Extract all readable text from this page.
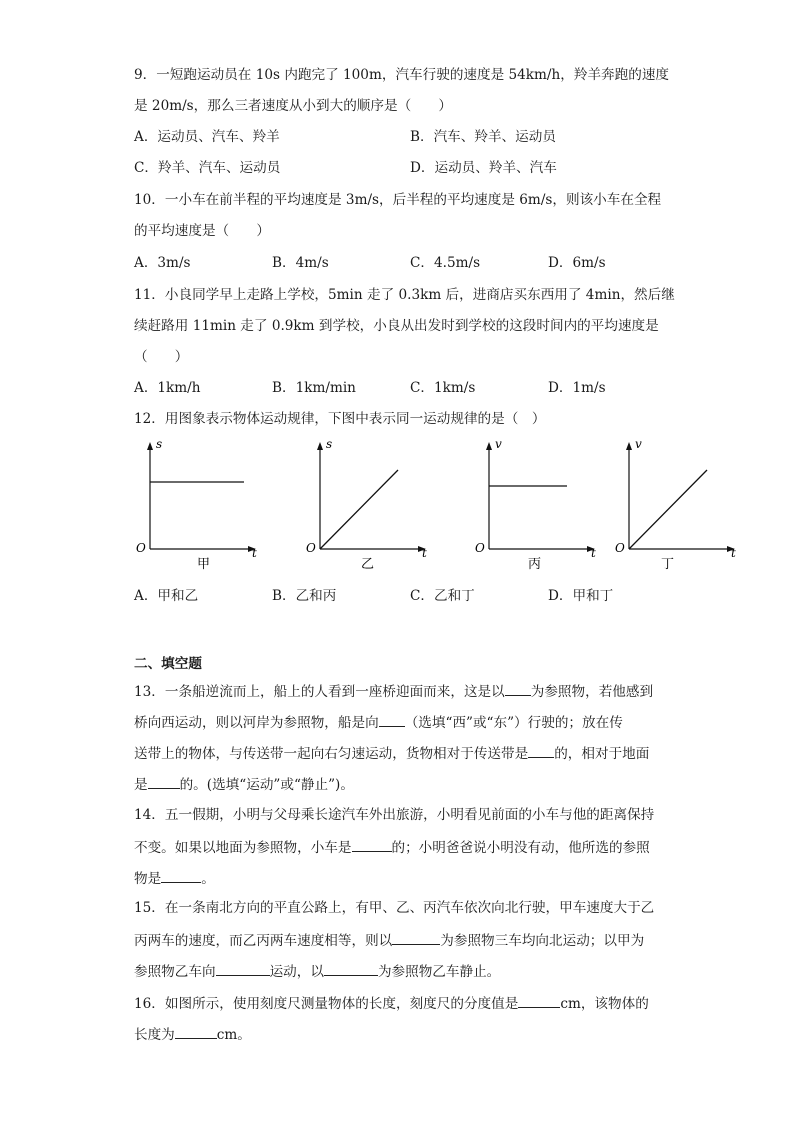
9．一短跑运动员在 10s 内跑完了 100m，汽车行驶的速度是 54km/h，羚羊奔跑的速度
是 20m/s，那么三者速度从小到大的顺序是（　　）
A．运动员、汽车、羚羊	B．汽车、羚羊、运动员
C．羚羊、汽车、运动员	D．运动员、羚羊、汽车
10．一小车在前半程的平均速度是 3m/s，后半程的平均速度是 6m/s，则该小车在全程
的平均速度是（　　）
A．3m/s	B．4m/s	C．4.5m/s	D．6m/s
11．小良同学早上走路上学校，5min 走了 0.3km 后，进商店买东西用了 4min，然后继
续赶路用 11min 走了 0.9km 到学校，小良从出发时到学校的这段时间内的平均速度是
（　　）
A．1km/h	B．1km/min	C．1km/s	D．1m/s
12．用图象表示物体运动规律，下图中表示同一运动规律的是（　）
s
t
O
甲
s
t
O
乙
v
t
O
丙
v
t
O
丁
A．甲和乙	B．乙和丙	C．乙和丁	D．甲和丁
二、填空题
13．一条船逆流而上，船上的人看到一座桥迎面而来，这是以 为参照物，若他感到
桥向西运动，则以河岸为参照物，船是向 （选填“西”或“东”）行驶的；放在传
送带上的物体，与传送带一起向右匀速运动，货物相对于传送带是 的，相对于地面
是 的。(选填“运动”或“静止”)。
14．五一假期，小明与父母乘长途汽车外出旅游，小明看见前面的小车与他的距离保持
不变。如果以地面为参照物，小车是	的；小明爸爸说小明没有动，他所选的参照
物是	。
15．在一条南北方向的平直公路上，有甲、乙、丙汽车依次向北行驶，甲车速度大于乙
丙两车的速度，而乙丙两车速度相等，则以	为参照物三车均向北运动；以甲为
参照物乙车向	运动，以	为参照物乙车静止。
16．如图所示，使用刻度尺测量物体的长度，刻度尺的分度值是	cm，该物体的
长度为	cm。
